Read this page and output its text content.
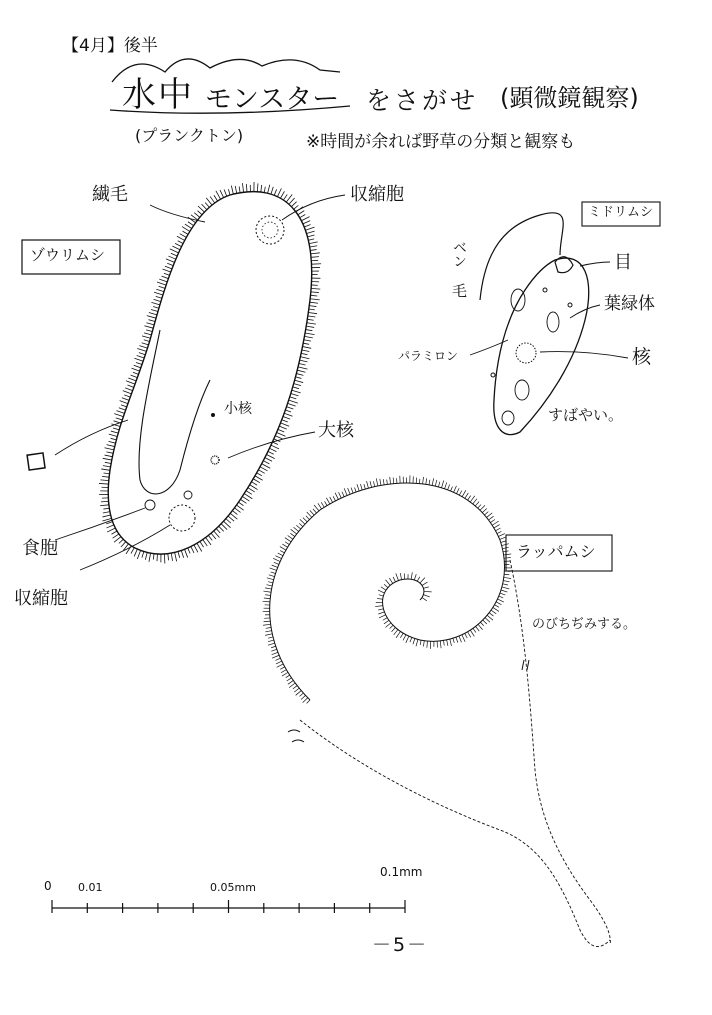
【4月】後半
水中 モンスター をさがせ (顕微鏡観察)
(プランクトン)	※時間が余れば野草の分類と観察も
ゾウリムシ
繊毛	収縮胞
小核
大核
食胞
収縮胞
ミドリムシ
ベン
毛
目
葉緑体
パラミロン	核
すばやい。
ラッパムシ
のびちぢみする。
0 0.01	0.05mm
0.1mm
－5－
